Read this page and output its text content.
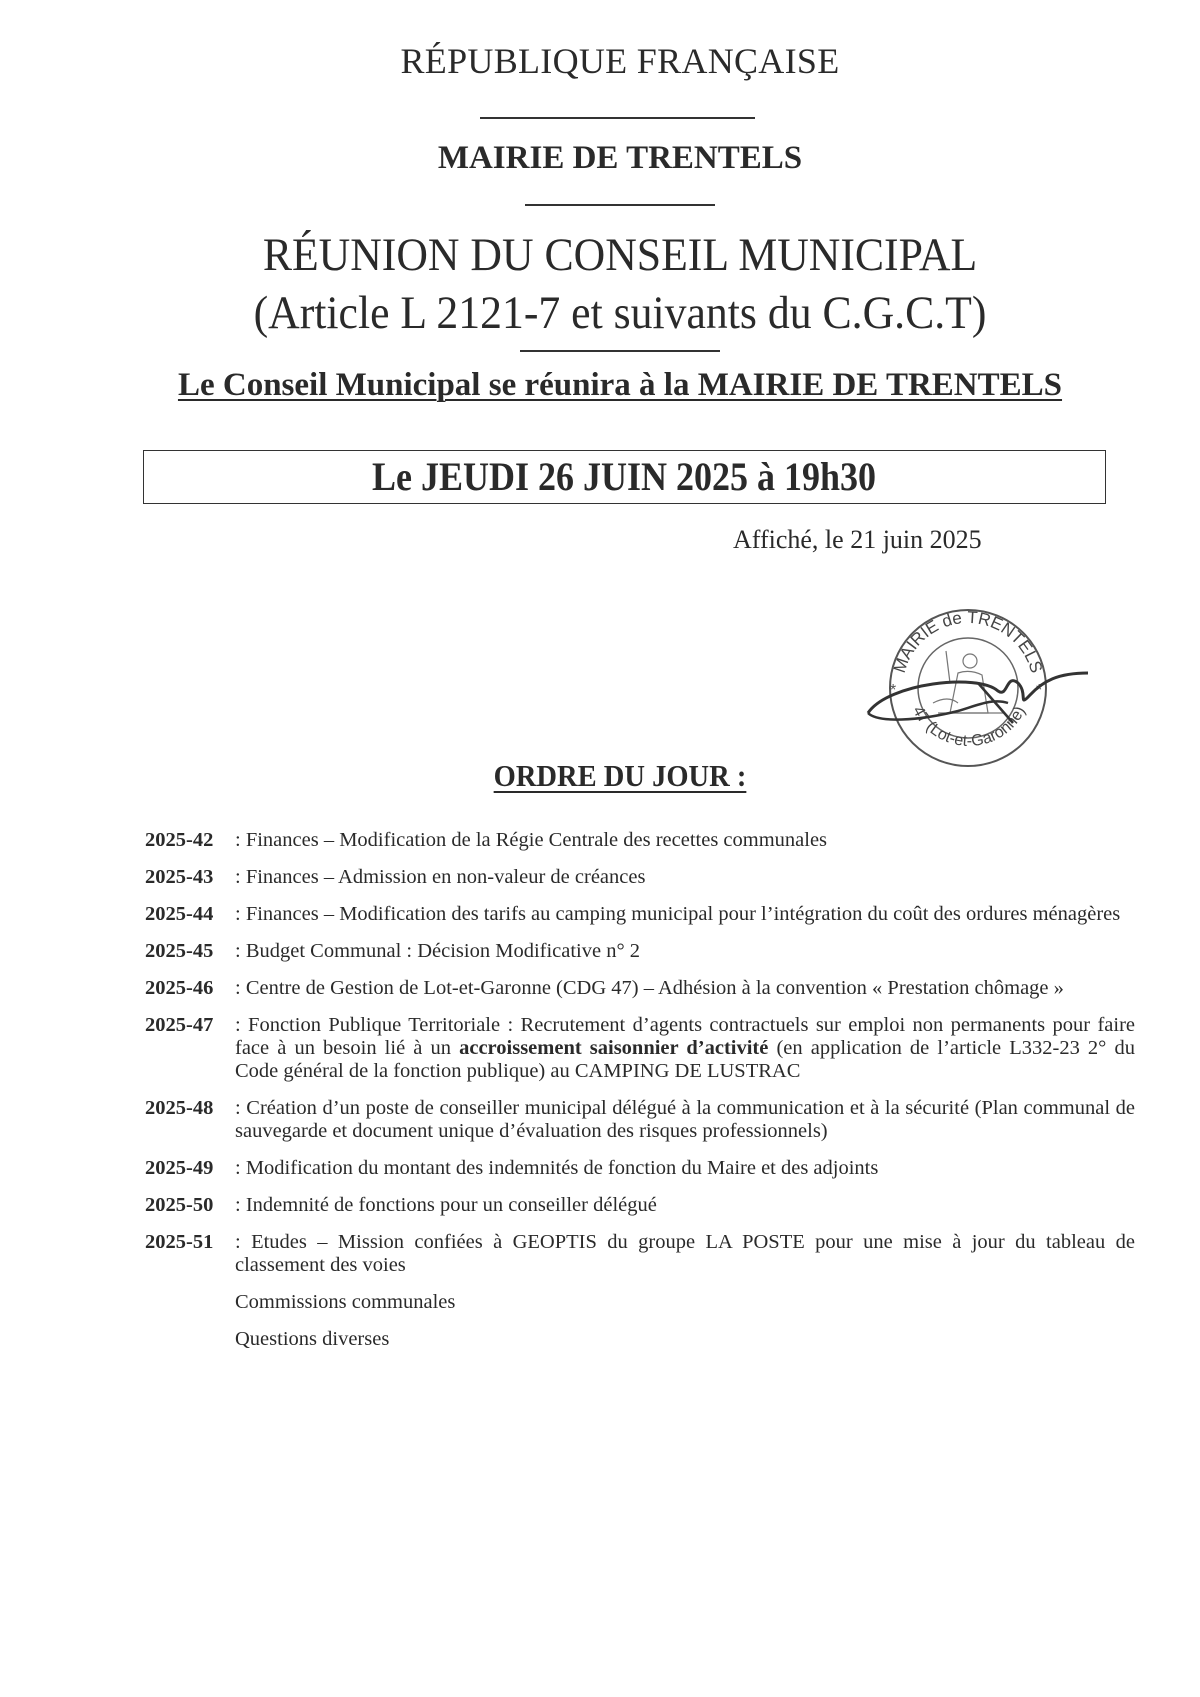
RÉPUBLIQUE FRANÇAISE
MAIRIE DE TRENTELS
RÉUNION DU CONSEIL MUNICIPAL
(Article L 2121-7 et suivants du C.G.C.T)
Le Conseil Municipal se réunira à la MAIRIE DE TRENTELS
Le JEUDI 26 JUIN 2025 à 19h30
Affiché, le 21 juin 2025
MAIRIE de TRENTELS
47 (Lot-et-Garonne)
*	*
ORDRE DU JOUR :
2025-42	: Finances – Modification de la Régie Centrale des recettes communales
2025-43	: Finances – Admission en non-valeur de créances
2025-44	: Finances – Modification des tarifs au camping municipal pour l’intégration du coût des ordures ménagères
2025-45	: Budget Communal : Décision Modificative n° 2
2025-46	: Centre de Gestion de Lot-et-Garonne (CDG 47) – Adhésion à la convention « Prestation chômage »
2025-47	: Fonction Publique Territoriale : Recrutement d’agents contractuels sur emploi non permanents pour faire face à un besoin lié à un accroissement saisonnier d’activité (en application de l’article L332-23 2° du Code général de la fonction publique) au CAMPING DE LUSTRAC
2025-48	: Création d’un poste de conseiller municipal délégué à la communication et à la sécurité (Plan communal de sauvegarde et document unique d’évaluation des risques professionnels)
2025-49	: Modification du montant des indemnités de fonction du Maire et des adjoints
2025-50	: Indemnité de fonctions pour un conseiller délégué
2025-51	: Etudes – Mission confiées à GEOPTIS du groupe LA POSTE pour une mise à jour du tableau de classement des voies
Commissions communales
Questions diverses
